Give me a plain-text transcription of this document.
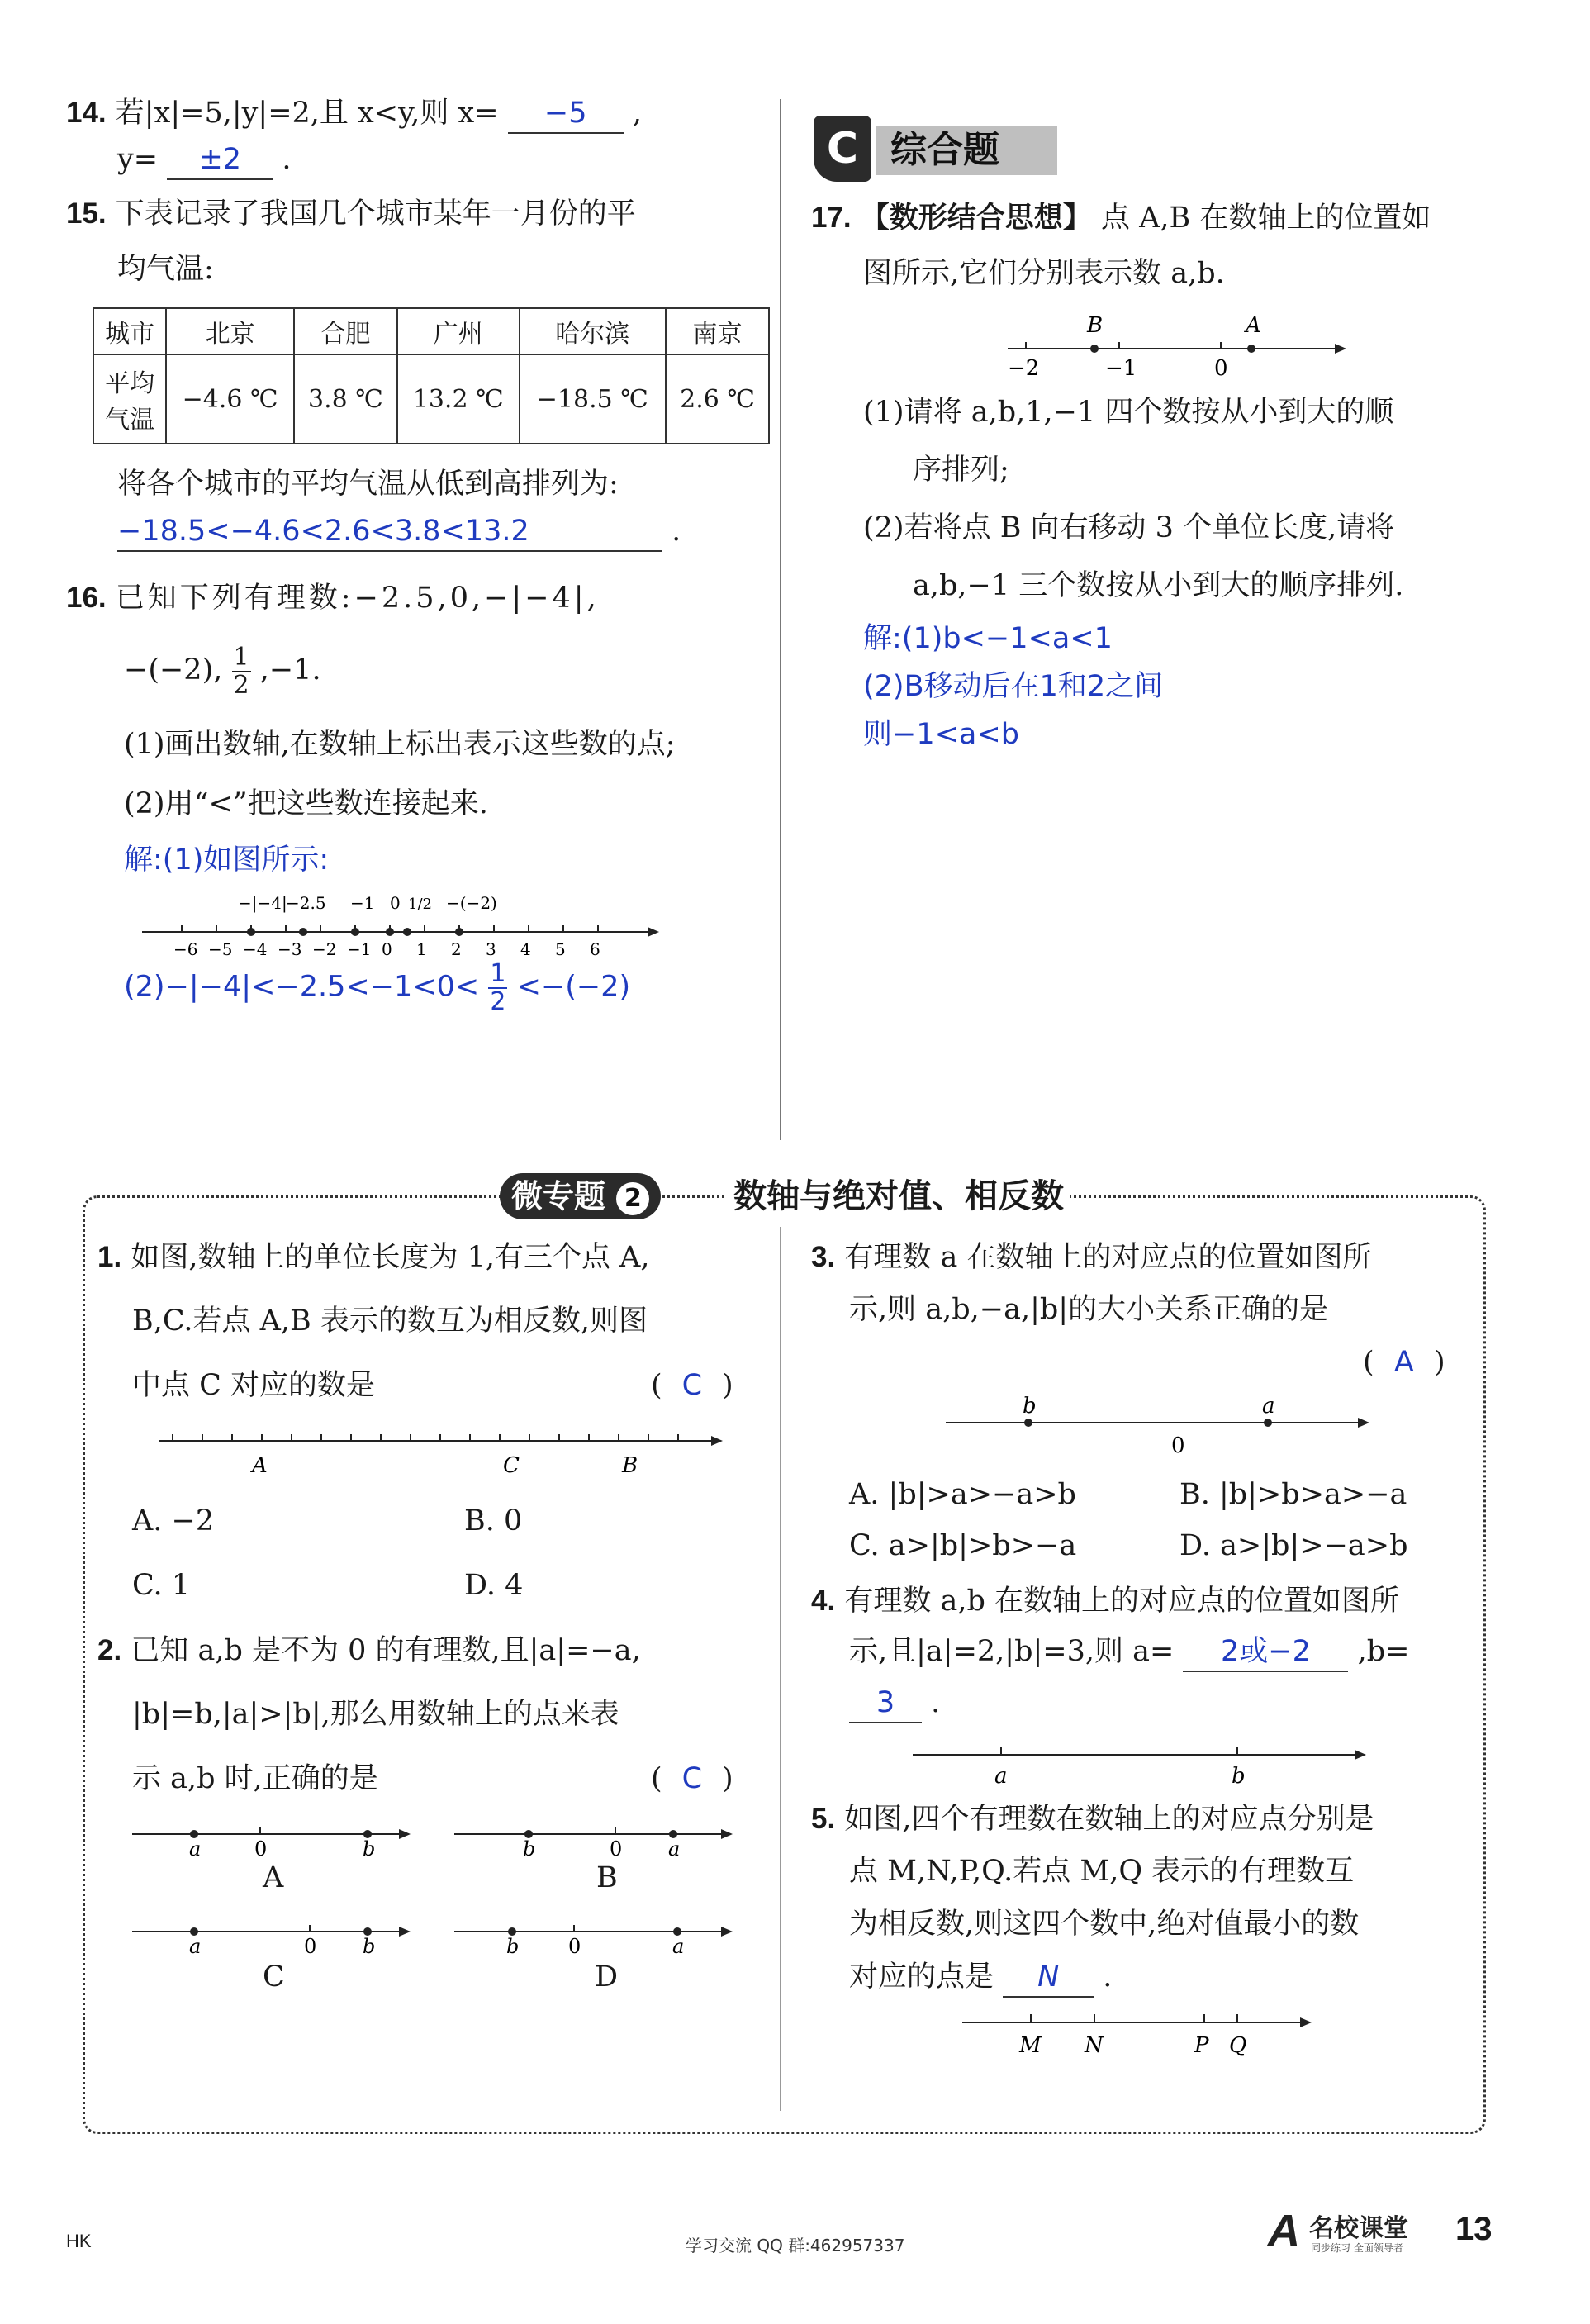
14. 若|x|=5,|y|=2,且 x<y,则 x= −5 ,
y= ±2 .
15. 下表记录了我国几个城市某年一月份的平
均气温:
城市	北京	合肥	广州	哈尔滨	南京

平均
气温	−4.6 ℃	3.8 ℃	13.2 ℃	−18.5 ℃	2.6 ℃
将各个城市的平均气温从低到高排列为:
−18.5<−4.6<2.6<3.8<13.2	.
16. 已知下列有理数:−2.5,0,−|−4|,
−(−2), $\frac{1}{2} ,-1$.
(1)画出数轴,在数轴上标出表示这些数的点;
(2)用“<”把这些数连接起来.
解:(1)如图所示:
−6 −5 −4 −3 −2 −1 0 1 2 3 4 5 6
−|−4|
−2.5 −1 0 1/2 −(−2)
$(2)-|-4|<-2.5<-1<0< \frac{1}{2} <-(-2)$
C 综合题
17. 【数形结合思想】 点 A,B 在数轴上的位置如
图所示,它们分别表示数 a,b.
B	A
−2	−1	0
(1)请将 a,b,1,−1 四个数按从小到大的顺
序排列;
(2)若将点 B 向右移动 3 个单位长度,请将
a,b,−1 三个数按从小到大的顺序排列.
解:(1)b<−1<a<1
(2)B移动后在1和2之间
则−1<a<b
微专题 2	数轴与绝对值、相反数
1. 如图,数轴上的单位长度为 1,有三个点 A,
B,C.若点 A,B 表示的数互为相反数,则图
中点 C 对应的数是	( C )
A	C	B
A. −2	B. 0
C. 1	D. 4
2. 已知 a,b 是不为 0 的有理数,且|a|=−a,
|b|=b,|a|>|b|,那么用数轴上的点来表
示 a,b 时,正确的是	( C )
a	0	b
A
b	0 a
B
a	0 b
C
b 0	a
D
3. 有理数 a 在数轴上的对应点的位置如图所
示,则 a,b,−a,|b|的大小关系正确的是
( A )
b	a
0
A. |b|>a>−a>b	B. |b|>b>a>−a
C. a>|b|>b>−a	D. a>|b|>−a>b
4. 有理数 a,b 在数轴上的对应点的位置如图所
示,且|a|=2,|b|=3,则 a= 2或−2 ,b=
3 .
a	b
5. 如图,四个有理数在数轴上的对应点分别是
点 M,N,P,Q.若点 M,Q 表示的有理数互
为相反数,则这四个数中,绝对值最小的数
对应的点是 N .
M N	P Q
HK	学习交流 QQ 群:462957337	A 名校课堂
同步练习 全面领导者
13
